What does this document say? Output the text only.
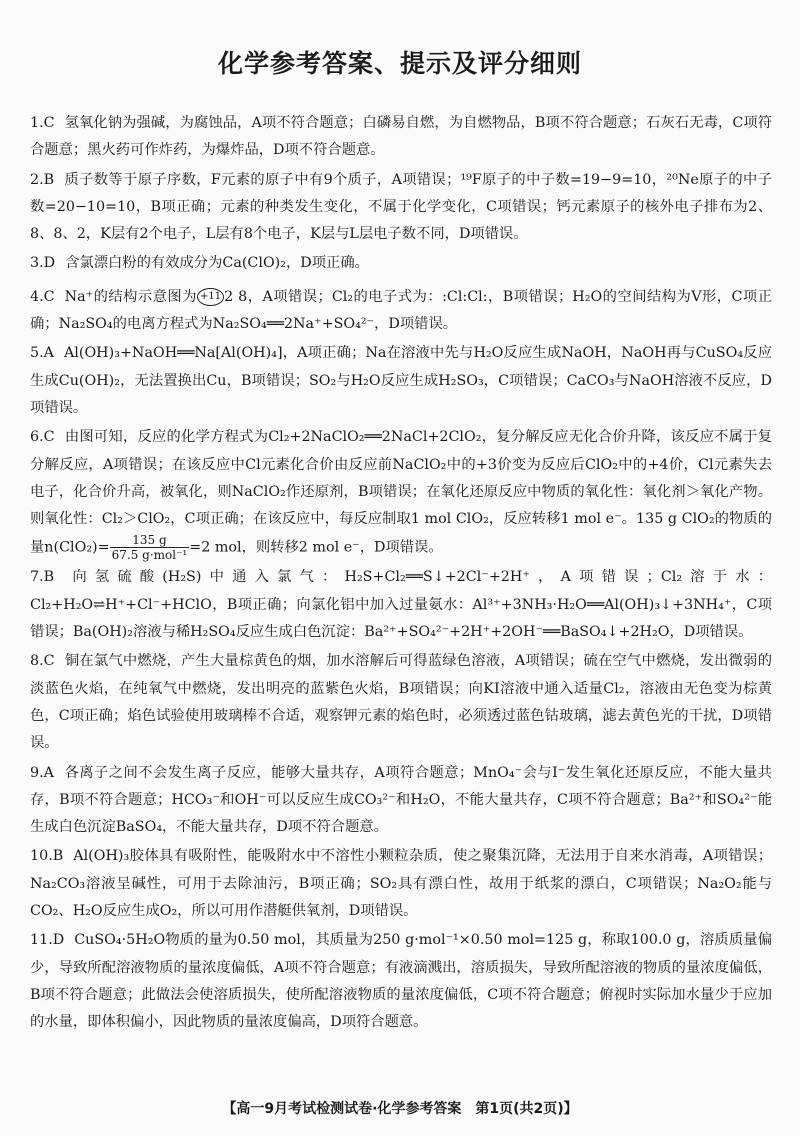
化学参考答案、提示及评分细则

1.C 氢氧化钠为强碱，为腐蚀品，A项不符合题意；白磷易自燃，为自燃物品，B项不符合题意；石灰石无毒，C项符合题意；黑火药可作炸药，为爆炸品，D项不符合题意。

2.B 质子数等于原子序数，F元素的原子中有9个质子，A项错误；¹⁹F原子的中子数=19−9=10，²⁰Ne原子的中子数=20−10=10，B项正确；元素的种类发生变化，不属于化学变化，C项错误；钙元素原子的核外电子排布为2、8、8、2，K层有2个电子，L层有8个电子，K层与L层电子数不同，D项错误。

3.D 含氯漂白粉的有效成分为Ca(ClO)₂，D项正确。

4.C Na⁺的结构示意图为 +11 2 8，A项错误；Cl₂的电子式为：:Cl:Cl:，B项错误；H₂O的空间结构为V形，C项正确；Na₂SO₄的电离方程式为Na₂SO₄══2Na⁺+SO₄²⁻，D项错误。

5.A Al(OH)₃+NaOH══Na[Al(OH)₄]，A项正确；Na在溶液中先与H₂O反应生成NaOH，NaOH再与CuSO₄反应生成Cu(OH)₂，无法置换出Cu，B项错误；SO₂与H₂O反应生成H₂SO₃，C项错误；CaCO₃与NaOH溶液不反应，D项错误。

6.C 由图可知，反应的化学方程式为Cl₂+2NaClO₂══2NaCl+2ClO₂，复分解反应无化合价升降，该反应不属于复分解反应，A项错误；在该反应中Cl元素化合价由反应前NaClO₂中的+3价变为反应后ClO₂中的+4价，Cl元素失去电子，化合价升高，被氧化，则NaClO₂作还原剂，B项错误；在氧化还原反应中物质的氧化性：氧化剂＞氧化产物。则氧化性：Cl₂＞ClO₂，C项正确；在该反应中，每反应制取1 mol ClO₂，反应转移1 mol e⁻。135 g ClO₂的物质的量$n(ClO_2)= \frac{135 g}{\text{67.5 g·mol⁻¹}} =2$ mol，则转移2 mol e⁻，D项错误。

7.B 向氢硫酸(H₂S)中通入氯气：H₂S+Cl₂══S↓+2Cl⁻+2H⁺，A项错误；Cl₂溶于水：Cl₂+H₂O⇌H⁺+Cl⁻+HClO，B项正确；向氯化铝中加入过量氨水：Al³⁺+3NH₃·H₂O══Al(OH)₃↓+3NH₄⁺，C项错误；Ba(OH)₂溶液与稀H₂SO₄反应生成白色沉淀：Ba²⁺+SO₄²⁻+2H⁺+2OH⁻══BaSO₄↓+2H₂O，D项错误。

8.C 铜在氯气中燃烧，产生大量棕黄色的烟，加水溶解后可得蓝绿色溶液，A项错误；硫在空气中燃烧，发出微弱的淡蓝色火焰，在纯氧气中燃烧，发出明亮的蓝紫色火焰，B项错误；向KI溶液中通入适量Cl₂，溶液由无色变为棕黄色，C项正确；焰色试验使用玻璃棒不合适，观察钾元素的焰色时，必须透过蓝色钴玻璃，滤去黄色光的干扰，D项错误。

9.A 各离子之间不会发生离子反应，能够大量共存，A项符合题意；MnO₄⁻会与I⁻发生氧化还原反应，不能大量共存，B项不符合题意；HCO₃⁻和OH⁻可以反应生成CO₃²⁻和H₂O，不能大量共存，C项不符合题意；Ba²⁺和SO₄²⁻能生成白色沉淀BaSO₄，不能大量共存，D项不符合题意。

10.B Al(OH)₃胶体具有吸附性，能吸附水中不溶性小颗粒杂质，使之聚集沉降，无法用于自来水消毒，A项错误；Na₂CO₃溶液呈碱性，可用于去除油污，B项正确；SO₂具有漂白性，故用于纸浆的漂白，C项错误；Na₂O₂能与CO₂、H₂O反应生成O₂，所以可用作潜艇供氧剂，D项错误。

11.D CuSO₄·5H₂O物质的量为0.50 mol，其质量为250 g·mol⁻¹×0.50 mol=125 g，称取100.0 g，溶质质量偏少，导致所配溶液物质的量浓度偏低，A项不符合题意；有液滴溅出，溶质损失，导致所配溶液的物质的量浓度偏低，B项不符合题意；此做法会使溶质损失，使所配溶液物质的量浓度偏低，C项不符合题意；俯视时实际加水量少于应加的水量，即体积偏小，因此物质的量浓度偏高，D项符合题意。

【高一9月考试检测试卷·化学参考答案　第1页(共2页)】
